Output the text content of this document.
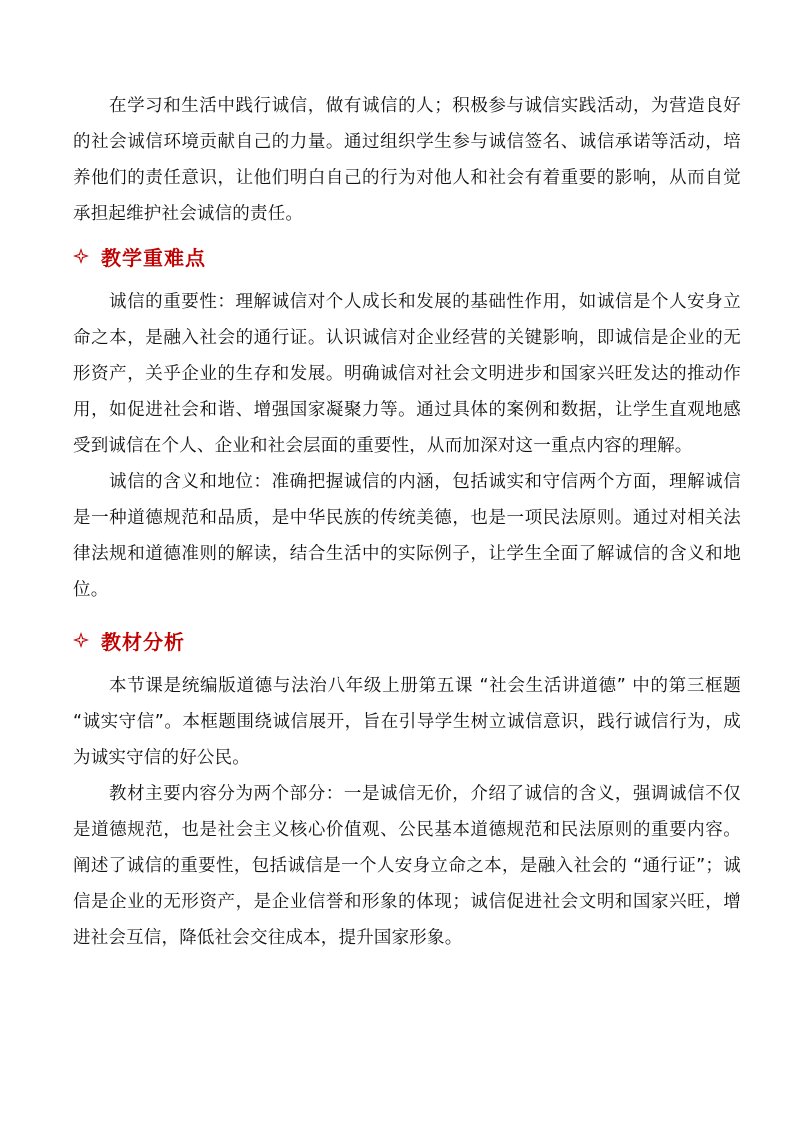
在学习和生活中践行诚信，做有诚信的人；积极参与诚信实践活动，为营造良好的社会诚信环境贡献自己的力量。通过组织学生参与诚信签名、诚信承诺等活动，培养他们的责任意识，让他们明白自己的行为对他人和社会有着重要的影响，从而自觉承担起维护社会诚信的责任。

教学重难点

诚信的重要性：理解诚信对个人成长和发展的基础性作用，如诚信是个人安身立命之本，是融入社会的通行证。认识诚信对企业经营的关键影响，即诚信是企业的无形资产，关乎企业的生存和发展。明确诚信对社会文明进步和国家兴旺发达的推动作用，如促进社会和谐、增强国家凝聚力等。通过具体的案例和数据，让学生直观地感受到诚信在个人、企业和社会层面的重要性，从而加深对这一重点内容的理解。

诚信的含义和地位：准确把握诚信的内涵，包括诚实和守信两个方面，理解诚信是一种道德规范和品质，是中华民族的传统美德，也是一项民法原则。通过对相关法律法规和道德准则的解读，结合生活中的实际例子，让学生全面了解诚信的含义和地位。

教材分析

本节课是统编版道德与法治八年级上册第五课 “社会生活讲道德” 中的第三框题 “诚实守信”。本框题围绕诚信展开，旨在引导学生树立诚信意识，践行诚信行为，成为诚实守信的好公民。

教材主要内容分为两个部分：一是诚信无价，介绍了诚信的含义，强调诚信不仅是道德规范，也是社会主义核心价值观、公民基本道德规范和民法原则的重要内容。阐述了诚信的重要性，包括诚信是一个人安身立命之本，是融入社会的 “通行证”；诚信是企业的无形资产，是企业信誉和形象的体现；诚信促进社会文明和国家兴旺，增进社会互信，降低社会交往成本，提升国家形象。
